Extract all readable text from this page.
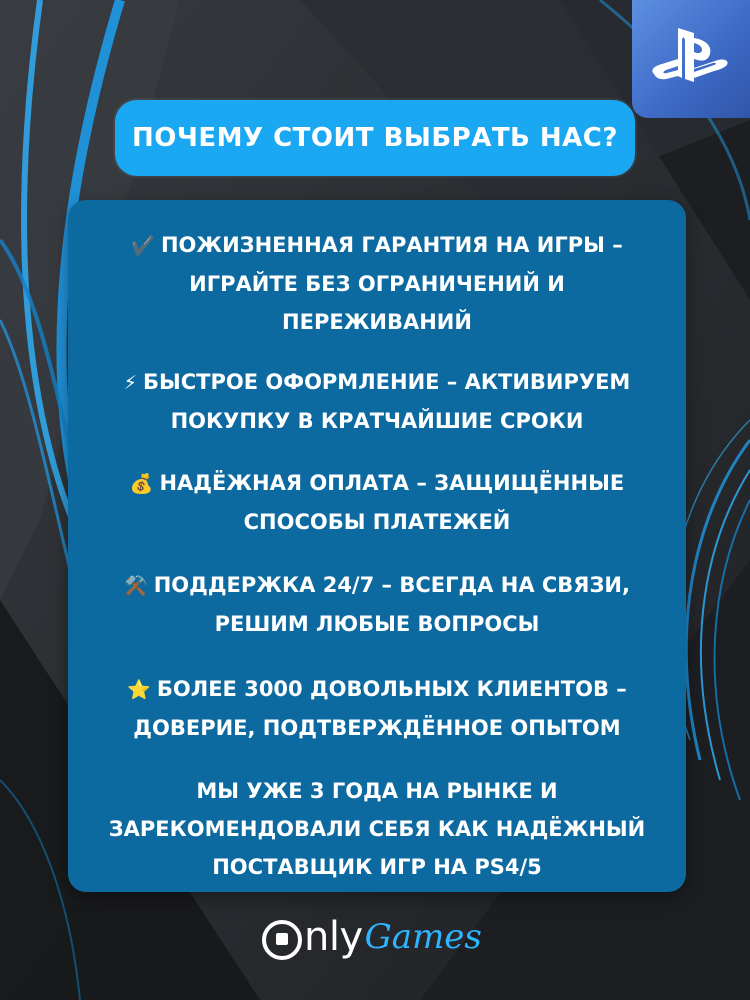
ПОЧЕМУ СТОИТ ВЫБРАТЬ НАС?
✔️ ПОЖИЗНЕННАЯ ГАРАНТИЯ НА ИГРЫ –
ИГРАЙТЕ БЕЗ ОГРАНИЧЕНИЙ И
ПЕРЕЖИВАНИЙ
⚡ БЫСТРОЕ ОФОРМЛЕНИЕ – АКТИВИРУЕМ
ПОКУПКУ В КРАТЧАЙШИЕ СРОКИ
💰 НАДЁЖНАЯ ОПЛАТА – ЗАЩИЩЁННЫЕ
СПОСОБЫ ПЛАТЕЖЕЙ
⚒️ ПОДДЕРЖКА 24/7 – ВСЕГДА НА СВЯЗИ,
РЕШИМ ЛЮБЫЕ ВОПРОСЫ
⭐ БОЛЕЕ 3000 ДОВОЛЬНЫХ КЛИЕНТОВ –
ДОВЕРИЕ, ПОДТВЕРЖДЁННОЕ ОПЫТОМ
МЫ УЖЕ 3 ГОДА НА РЫНКЕ И
ЗАРЕКОМЕНДОВАЛИ СЕБЯ КАК НАДЁЖНЫЙ
ПОСТАВЩИК ИГР НА PS4/5
nly Games
